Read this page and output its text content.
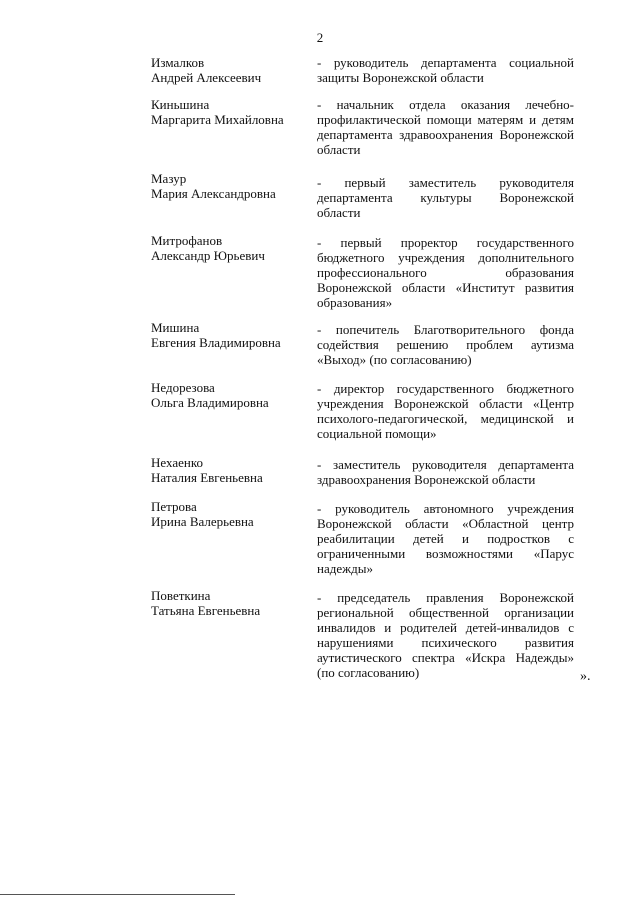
2
Измалков
Андрей Алексеевич
- руководитель департамента социальной
защиты Воронежской области
Киньшина
Маргарита Михайловна
- начальник отдела оказания лечебно-
профилактической помощи матерям и детям
департамента здравоохранения Воронежской
области
Мазур
Мария Александровна
- первый заместитель руководителя
департамента культуры Воронежской
области
Митрофанов
Александр Юрьевич
- первый проректор государственного
бюджетного учреждения дополнительного
профессионального образования
Воронежской области «Институт развития
образования»
Мишина
Евгения Владимировна
- попечитель Благотворительного фонда
содействия решению проблем аутизма
«Выход» (по согласованию)
Недорезова
Ольга Владимировна
- директор государственного бюджетного
учреждения Воронежской области «Центр
психолого-педагогической, медицинской и
социальной помощи»
Нехаенко
Наталия Евгеньевна
- заместитель руководителя департамента
здравоохранения Воронежской области
Петрова
Ирина Валерьевна
- руководитель автономного учреждения
Воронежской области «Областной центр
реабилитации детей и подростков с
ограниченными возможностями «Парус
надежды»
Поветкина
Татьяна Евгеньевна
- председатель правления Воронежской
региональной общественной организации
инвалидов и родителей детей-инвалидов с
нарушениями психического развития
аутистического спектра «Искра Надежды»
(по согласованию)	».
